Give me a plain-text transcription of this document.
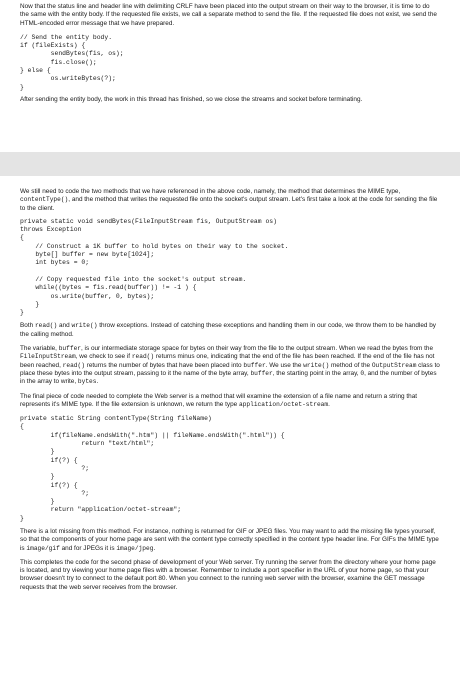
Now that the status line and header line with delimiting CRLF have been placed into the output stream on their way to the browser, it is time to do the same with the entity body. If the requested file exists, we call a separate method to send the file. If the requested file does not exist, we send the HTML-encoded error message that we have prepared.

// Send the entity body.
if (fileExists) {
sendBytes(fis, os);
fis.close();
} else {
os.writeBytes(?);
}

After sending the entity body, the work in this thread has finished, so we close the streams and socket before terminating.

We still need to code the two methods that we have referenced in the above code, namely, the method that determines the MIME type, contentType(), and the method that writes the requested file onto the socket's output stream. Let's first take a look at the code for sending the file to the client.

private static void sendBytes(FileInputStream fis, OutputStream os)
throws Exception
{
// Construct a 1K buffer to hold bytes on their way to the socket.
byte[] buffer = new byte[1024];
int bytes = 0;

// Copy requested file into the socket's output stream.
while((bytes = fis.read(buffer)) != -1 ) {
os.write(buffer, 0, bytes);
}
}

Both read() and write() throw exceptions. Instead of catching these exceptions and handling them in our code, we throw them to be handled by the calling method.

The variable, buffer, is our intermediate storage space for bytes on their way from the file to the output stream. When we read the bytes from the FileInputStream, we check to see if read() returns minus one, indicating that the end of the file has been reached. If the end of the file has not been reached, read() returns the number of bytes that have been placed into buffer. We use the write() method of the OutputStream class to place these bytes into the output stream, passing to it the name of the byte array, buffer, the starting point in the array, 0, and the number of bytes in the array to write, bytes.

The final piece of code needed to complete the Web server is a method that will examine the extension of a file name and return a string that represents it's MIME type. If the file extension is unknown, we return the type application/octet-stream.

private static String contentType(String fileName)
{
if(fileName.endsWith(".htm") || fileName.endsWith(".html")) {
return "text/html";
}
if(?) {
?;
}
if(?) {
?;
}
return "application/octet-stream";
}

There is a lot missing from this method. For instance, nothing is returned for GIF or JPEG files. You may want to add the missing file types yourself, so that the components of your home page are sent with the content type correctly specified in the content type header line. For GIFs the MIME type is image/gif and for JPEGs it is image/jpeg.

This completes the code for the second phase of development of your Web server. Try running the server from the directory where your home page is located, and try viewing your home page files with a browser. Remember to include a port specifier in the URL of your home page, so that your browser doesn't try to connect to the default port 80. When you connect to the running web server with the browser, examine the GET message requests that the web server receives from the browser.
